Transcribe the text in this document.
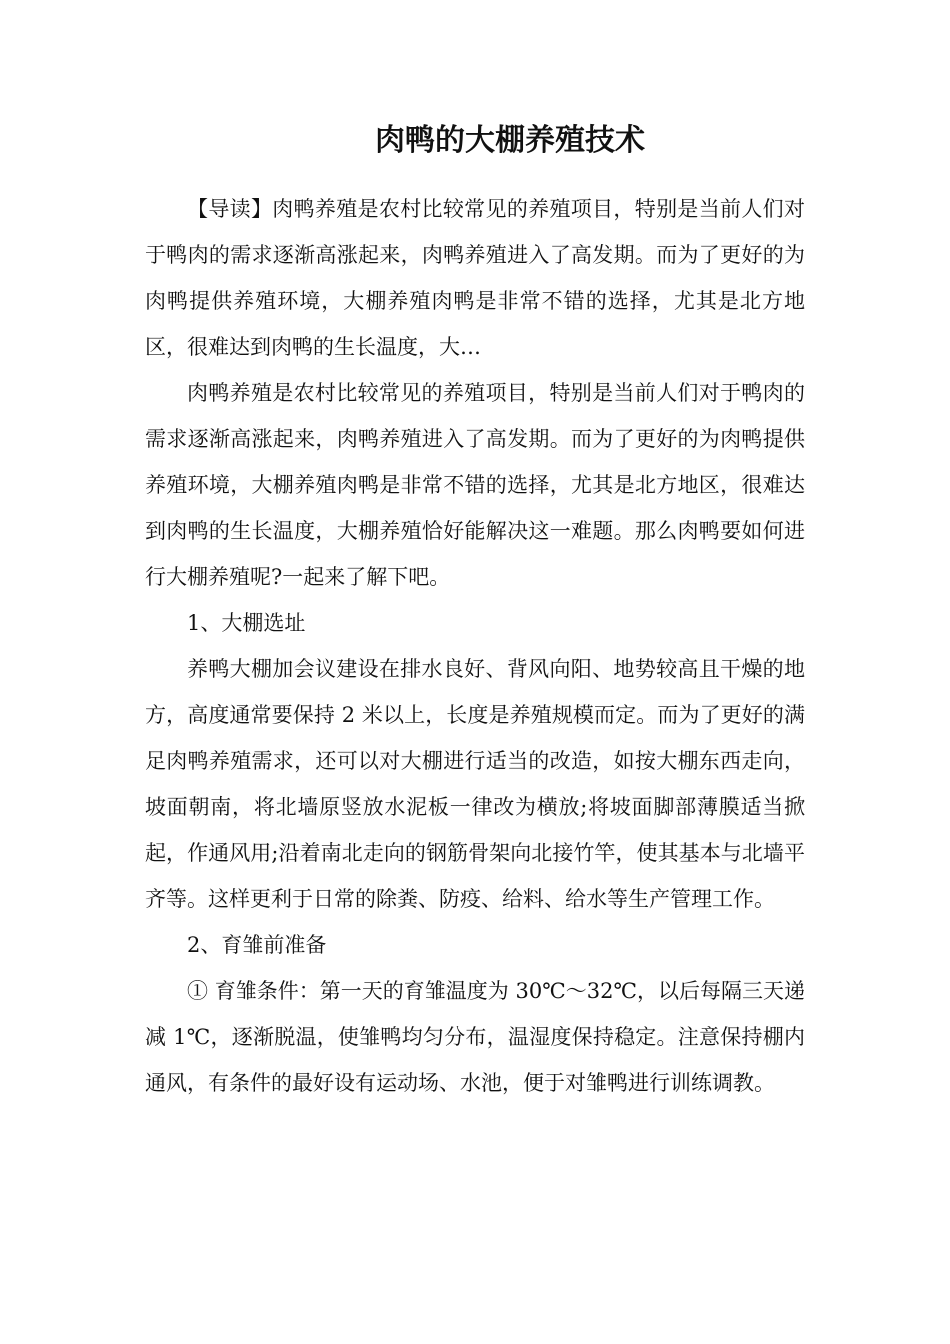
肉鸭的大棚养殖技术

【导读】肉鸭养殖是农村比较常见的养殖项目，特别是当前人们对于鸭肉的需求逐渐高涨起来，肉鸭养殖进入了高发期。而为了更好的为肉鸭提供养殖环境，大棚养殖肉鸭是非常不错的选择，尤其是北方地区，很难达到肉鸭的生长温度，大…

肉鸭养殖是农村比较常见的养殖项目，特别是当前人们对于鸭肉的需求逐渐高涨起来，肉鸭养殖进入了高发期。而为了更好的为肉鸭提供养殖环境，大棚养殖肉鸭是非常不错的选择，尤其是北方地区，很难达到肉鸭的生长温度，大棚养殖恰好能解决这一难题。那么肉鸭要如何进行大棚养殖呢?一起来了解下吧。

1、大棚选址

养鸭大棚加会议建设在排水良好、背风向阳、地势较高且干燥的地方，高度通常要保持 2 米以上，长度是养殖规模而定。而为了更好的满足肉鸭养殖需求，还可以对大棚进行适当的改造，如按大棚东西走向，坡面朝南，将北墙原竖放水泥板一律改为横放;将坡面脚部薄膜适当掀起，作通风用;沿着南北走向的钢筋骨架向北接竹竿，使其基本与北墙平齐等。这样更利于日常的除粪、防疫、给料、给水等生产管理工作。

2、育雏前准备

① 育雏条件：第一天的育雏温度为 30℃～32℃，以后每隔三天递减 1℃，逐渐脱温，使雏鸭均匀分布，温湿度保持稳定。注意保持棚内通风，有条件的最好设有运动场、水池，便于对雏鸭进行训练调教。
